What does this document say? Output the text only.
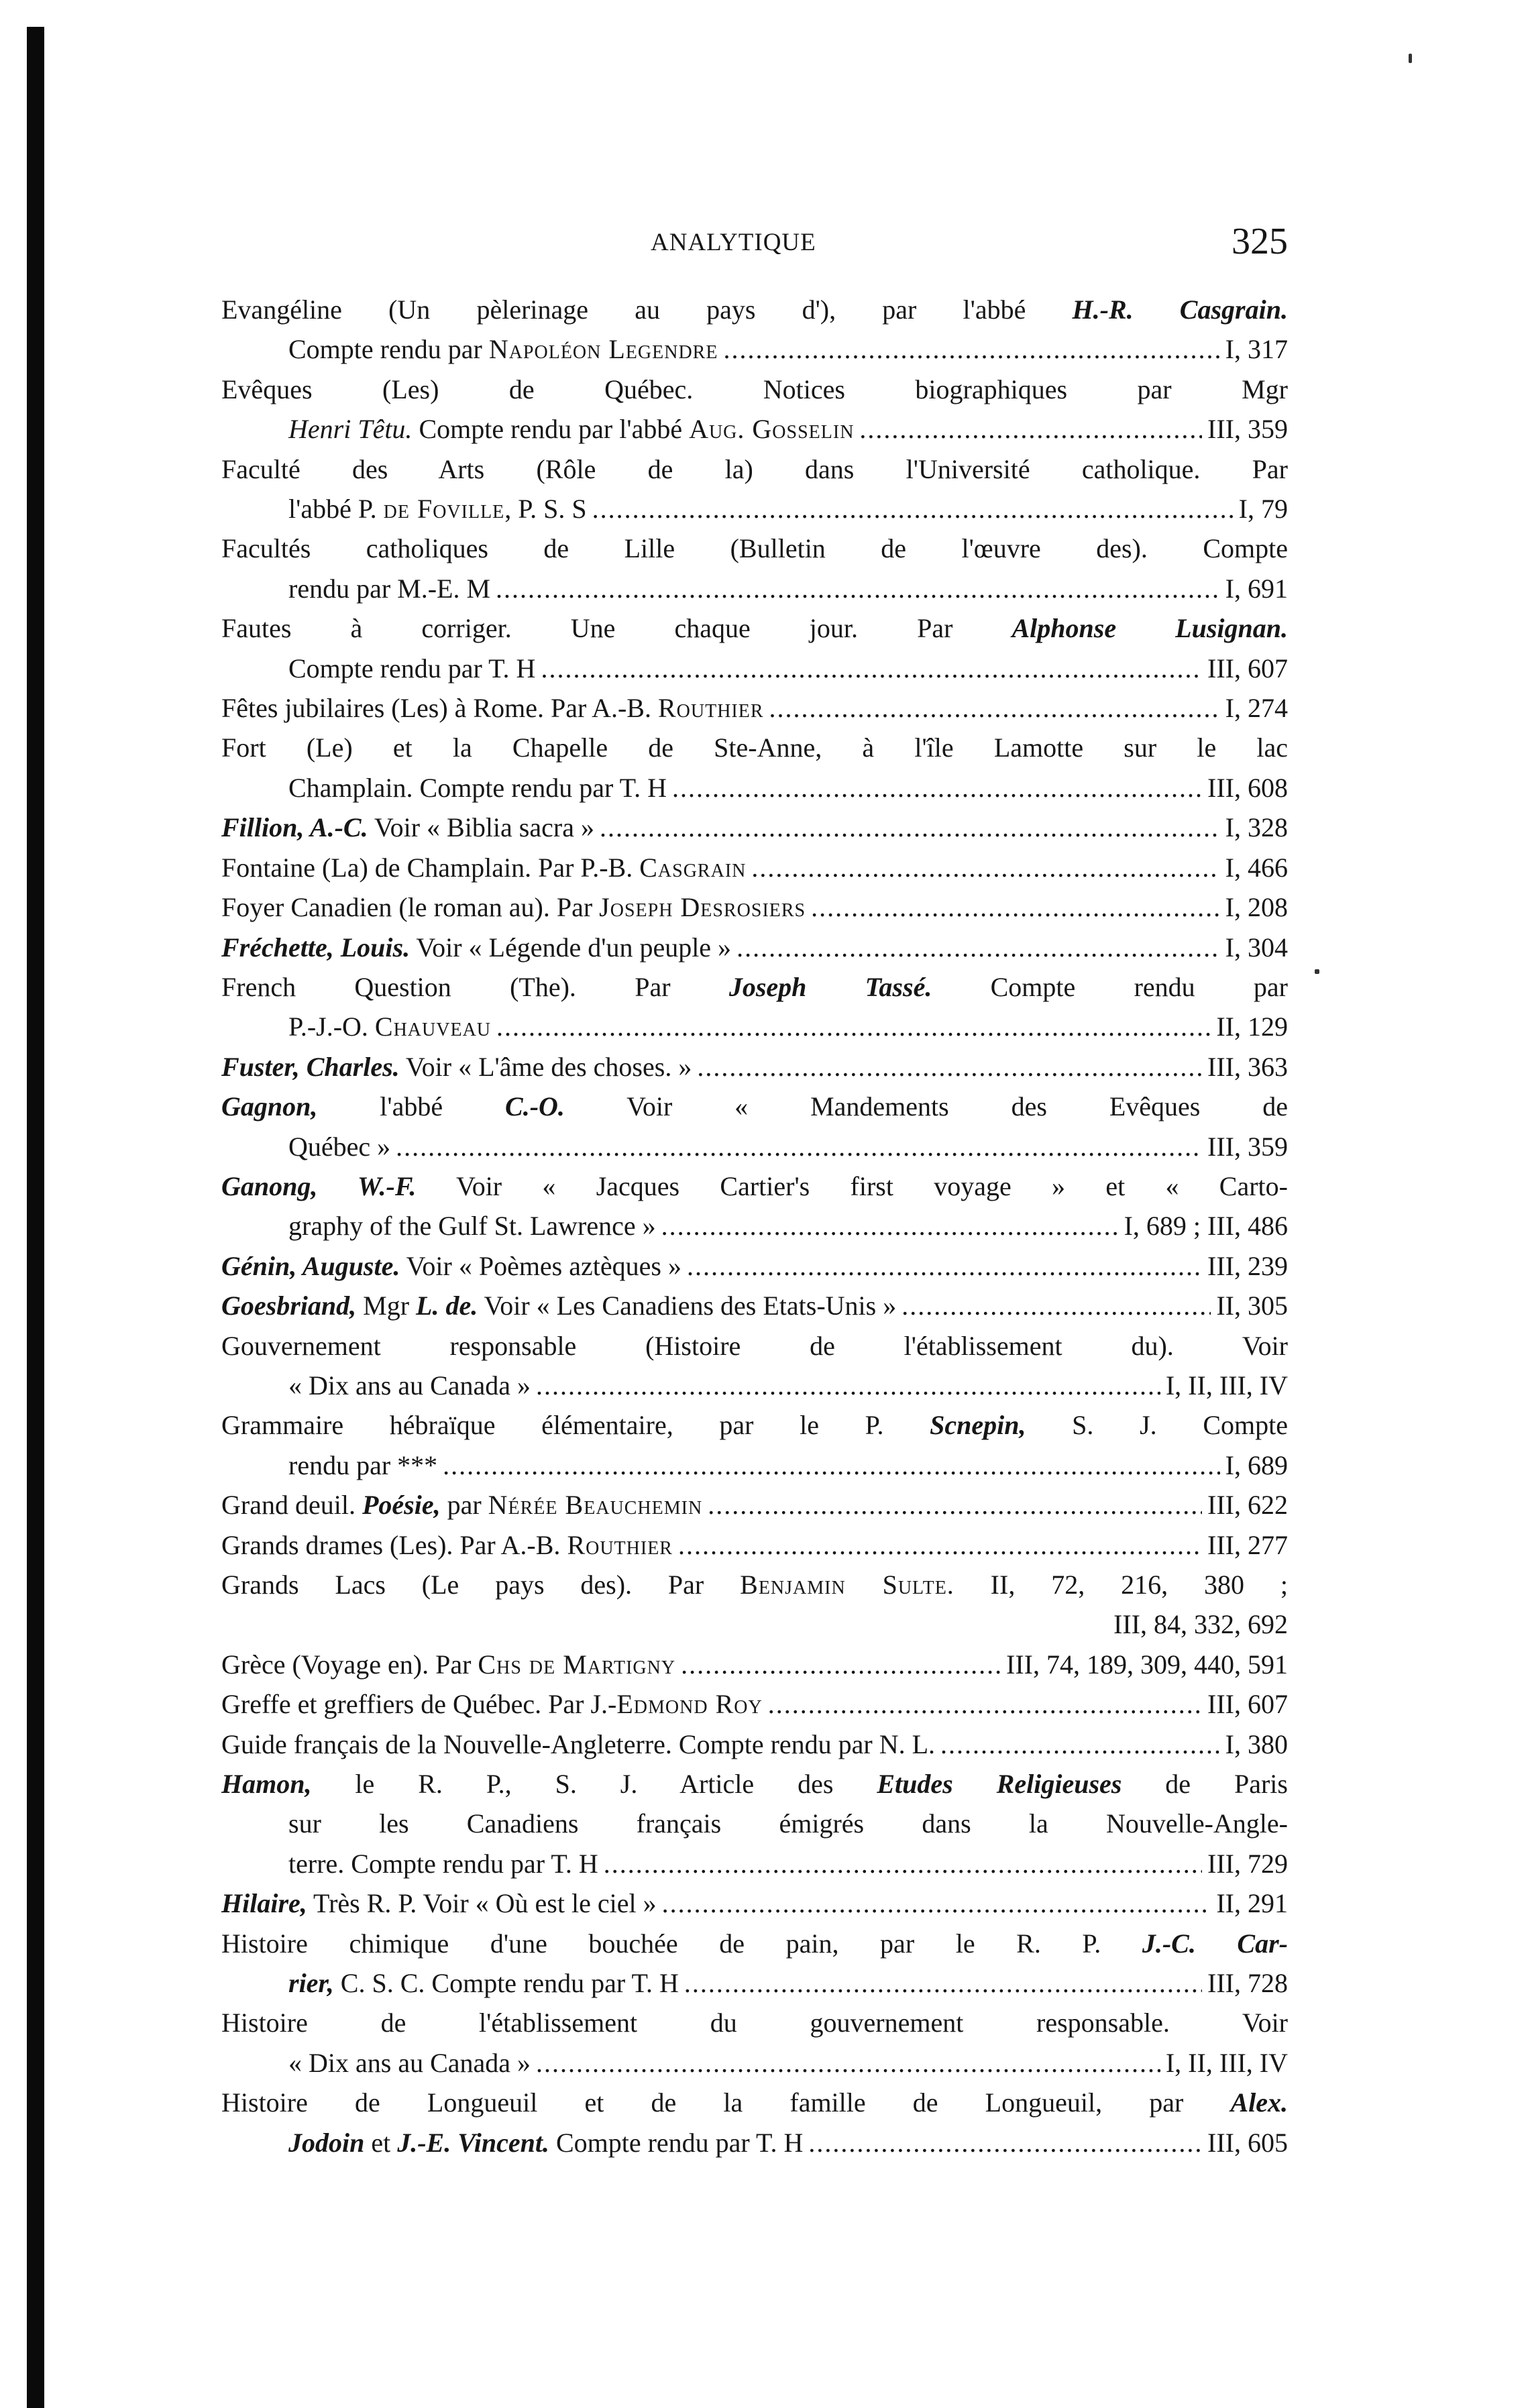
ANALYTIQUE	325
Evangéline (Un pèlerinage au pays d'), par l'abbé H.-R. Casgrain.
Compte rendu par Napoléon Legendre .....	I, 317
Evêques (Les) de Québec. Notices biographiques par Mgr
Henri Têtu. Compte rendu par l'abbé Aug. Gosselin .....	III, 359
Faculté des Arts (Rôle de la) dans l'Université catholique. Par
l'abbé P. de Foville, P. S. S .....	I, 79
Facultés catholiques de Lille (Bulletin de l'œuvre des). Compte
rendu par M.-E. M .....	I, 691
Fautes à corriger. Une chaque jour. Par Alphonse Lusignan.
Compte rendu par T. H .....	III, 607
Fêtes jubilaires (Les) à Rome. Par A.-B. Routhier .....	I, 274
Fort (Le) et la Chapelle de Ste-Anne, à l'île Lamotte sur le lac
Champlain. Compte rendu par T. H .....	III, 608
Fillion, A.-C. Voir « Biblia sacra » .....	I, 328
Fontaine (La) de Champlain. Par P.-B. Casgrain .....	I, 466
Foyer Canadien (le roman au). Par Joseph Desrosiers .....	I, 208
Fréchette, Louis. Voir « Légende d'un peuple » .....	I, 304
French Question (The). Par Joseph Tassé. Compte rendu par
P.-J.-O. Chauveau .....	II, 129
Fuster, Charles. Voir « L'âme des choses. » .....	III, 363
Gagnon, l'abbé C.-O. Voir « Mandements des Evêques de
Québec » .....	III, 359
Ganong, W.-F. Voir « Jacques Cartier's first voyage » et « Carto-
graphy of the Gulf St. Lawrence » .....	I, 689 ; III, 486
Génin, Auguste. Voir « Poèmes aztèques » .....	III, 239
Goesbriand, Mgr L. de. Voir « Les Canadiens des Etats-Unis » .....	II, 305
Gouvernement responsable (Histoire de l'établissement du). Voir
« Dix ans au Canada » .....	I, II, III, IV
Grammaire hébraïque élémentaire, par le P. Scnepin, S. J. Compte
rendu par *** .....	I, 689
Grand deuil. Poésie, par Nérée Beauchemin .....	III, 622
Grands drames (Les). Par A.-B. Routhier .....	III, 277
Grands Lacs (Le pays des). Par Benjamin Sulte. II, 72, 216, 380 ;
III, 84, 332, 692
Grèce (Voyage en). Par Chs de Martigny .....	III, 74, 189, 309, 440, 591
Greffe et greffiers de Québec. Par J.-Edmond Roy .....	III, 607
Guide français de la Nouvelle-Angleterre. Compte rendu par N. L. .....	I, 380
Hamon, le R. P., S. J. Article des Etudes Religieuses de Paris
sur les Canadiens français émigrés dans la Nouvelle-Angle-
terre. Compte rendu par T. H .....	III, 729
Hilaire, Très R. P. Voir « Où est le ciel » .....	II, 291
Histoire chimique d'une bouchée de pain, par le R. P. J.-C. Car-
rier, C. S. C. Compte rendu par T. H .....	III, 728
Histoire de l'établissement du gouvernement responsable. Voir
« Dix ans au Canada » .....	I, II, III, IV
Histoire de Longueuil et de la famille de Longueuil, par Alex.
Jodoin et J.-E. Vincent. Compte rendu par T. H .....	III, 605
